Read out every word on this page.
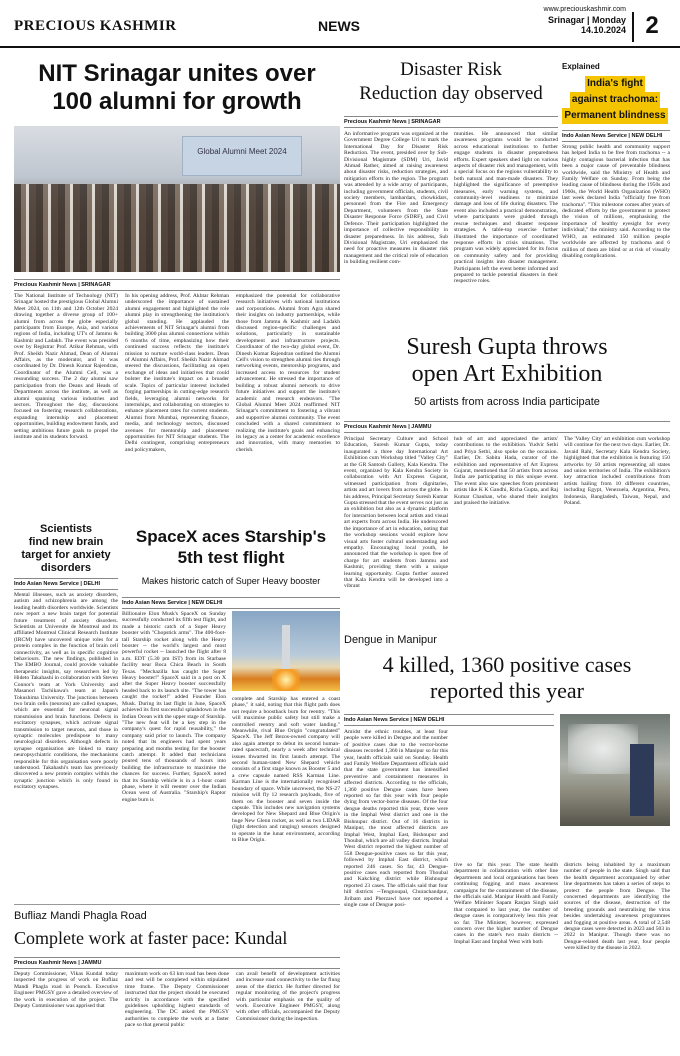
PRECIOUS KASHMIR	NEWS
www.preciouskashmir.com
Srinagar | Monday
14.10.2024 2
NIT Srinagar unites over
100 alumni for growth
Global Alumni Meet 2024
Precious Kashmir News | SRINAGAR
The National Institute of Technology (NIT) Srinagar hosted the prestigious Global Alumni Meet 2024, on 11th and 12th October 2024 drawing together a diverse group of 100+ alumni from across the globe especially participants from Europe, Asia, and various regions of India, including UT's of Jammu & Kashmir and Ladakh. The event was presided over by Registrar Prof. Atikur Rehman, with Prof. Sheikh Nazir Ahmad, Dean of Alumni Affairs, as the moderator, and it was coordinated by Dr. Dinesh Kumar Rajendran, Coordinator of the Alumni Cell, was a resounding success. The 2 day alumni saw participation from the Deans and Heads of Departments across the institute, as well as alumni spanning various industries and sectors. Throughout the day, discussions focused on fostering research collaborations, expanding internship and placement opportunities, building endowment funds, and setting ambitious future goals to propel the institute and its students forward.
In his opening address, Prof. Akhtar Rehman underscored the importance of sustained alumni engagement and highlighted the role alumni play in strengthening the institution's global standing. He applauded the achievements of NIT Srinagar's alumni from building 3000 plus alumni connections within 6 months of time, emphasizing how their continued success reflects the institute's mission to nurture world-class leaders. Dean of Alumni Affairs, Prof. Sheikh Nazir Ahmad steered the discussions, facilitating an open exchange of ideas and initiatives that could bolster the institute's impact on a broader scale. Topics of particular interest included forging partnerships in cutting-edge research fields, leveraging alumni networks for internships, and collaborating on strategies to enhance placement rates for current students. Alumni from Mumbai, representing finance, media, and technology sectors, discussed avenues for mentorship and placement opportunities for NIT Srinagar students. The Delhi contingent, comprising entrepreneurs and policymakers,
emphasized the potential for collaborative research initiatives with national institutions and corporations. Alumni from Agra shared their insights on industry partnerships, while those from Jammu & Kashmir and Ladakh discussed region-specific challenges and solutions, particularly in sustainable development and infrastructure projects. Coordinator of the two-day global event, Dr. Dinesh Kumar Rajendran outlined the Alumni Cell's vision to strengthen alumni ties through networking events, mentorship programs, and increased access to resources for student advancement. He stressed the importance of building a robust alumni network to drive future initiatives and support the institute's academic and research endeavors. "The Global Alumni Meet 2024 reaffirmed NIT Srinagar's commitment to fostering a vibrant and supportive alumni community. The event concluded with a shared commitment to realizing the institute's goals and enhancing its legacy as a center for academic excellence and innovation, with many memories to cherish.
Disaster Risk
Reduction day observed
Precious Kashmir News | SRINAGAR
An informative program was organized at the Government Degree College Uri to mark the International Day for Disaster Risk Reduction. The event, presided over by Sub-Divisional Magistrate (SDM) Uri, Javid Ahmad Rather, aimed at raising awareness about disaster risks, reduction strategies, and mitigation efforts in the region. The program was attended by a wide array of participants, including government officials, students, civil society members, lambardars, chowkidars, personnel from the Fire and Emergency Department, volunteers from the State Disaster Response Force (SDRF), and Civil Defence. Their participation highlighted the importance of collective responsibility in disaster preparedness. In his address, Sub Divisional Magistrate, Uri emphasized the need for proactive measures in disaster risk management and the critical role of education in building resilient com-
munities. He announced that similar awareness programs would be conducted across educational institutions to further engage students in disaster preparedness efforts. Expert speakers shed light on various aspects of disaster risk and management, with a special focus on the regions vulnerability to both natural and man-made disasters. They highlighted the significance of preemptive measures, early warning systems, and community-level readiness to minimize damage and loss of life during disasters. The event also included a practical demonstration, where participants were guided through rescue techniques and disaster response strategies. A table-top exercise further illustrated the importance of coordinated response efforts in crisis situations. The program was widely appreciated for its focus on community safety and for providing practical insights into disaster management. Participants left the event better informed and prepared to tackle potential disasters in their respective roles.
Explained
India's fight against trachoma: Permanent blindness
Indo Asian News Service | NEW DELHI
Strong public health and community support has helped India to be free from trachoma -- a highly contagious bacterial infection that has been a major cause of preventable blindness worldwide, said the Ministry of Health and Family Welfare on Sunday. From being the leading cause of blindness during the 1950s and 1960s, the World Health Organization (WHO) last week declared India "officially free from trachoma". "This milestone comes after years of dedicated efforts by the government to protect the vision of millions, emphasising the importance of healthy eyesight for every individual," the ministry said. According to the WHO, an estimated 150 million people worldwide are affected by trachoma and 6 million of them are blind or at risk of visually disabling complications.
Suresh Gupta throws
open Art Exhibition
50 artists from across India participate
Precious Kashmir News | JAMMU
Principal Secretary Culture and School Education, Suresh Kumar Gupta, today inaugurated a three day International Art Exhibition cum Workshop titled "Valley City" at the GR Santosh Gallery, Kala Kendra. The event, organized by Kala Kendra Society in collaboration with Art Express Gujarat, witnessed participation from dignitaries, artists and art lovers from across the globe. In his address, Principal Secretary Suresh Kumar Gupta stressed that the event serves not just as an exhibition but also as a dynamic platform for interaction between local artists and visual art experts from across India. He underscored the importance of art in education, noting that the workshop sessions would explore how visual arts foster cultural understanding and empathy. Encouraging local youth, he announced that the workshop is open free of charge for art students from Jammu and Kashmir, providing them with a unique learning opportunity. Gupta further assured that Kala Kendra will be developed into a vibrant
hub of art and appreciated the artists' contributions to the exhibition. Yudvir Sethi and Priya Sethi, also spoke on the occasion. Earlier, Dr. Sabita Hada, curator of the exhibition and representative of Art Express Gujarat, mentioned that 50 artists from across India are participating in this unique event. The event also saw speeches from prominent artists like K K Gandhi, Richa Gupta, and Raj Kumar Chauhan, who shared their insights and praised the initiative.
The 'Valley City' art exhibition cum workshop will continue for the next two days. Earlier, Dr. Javaid Rahi, Secretary Kala Kendra Society, highlighted that the exhibition is featuring 150 artworks by 50 artists representing all states and union territories of India. The exhibition's key attraction included contributions from artists hailing from 10 different countries, including Egypt, Venezuela, Argentina, Peru, Indonesia, Bangladesh, Taiwan, Nepal, and Poland.
Scientists
find new brain
target for anxiety
disorders
Indo Asian News Service | DELHI
Mental illnesses, such as anxiety disorders, autism and schizophrenia are among the leading health disorders worldwide. Scientists now report a new brain target for potential future treatment of anxiety disorders. Scientists at Universite de Montreal and its affiliated Montreal Clinical Research Institute (IRCM) have uncovered unique roles for a protein complex in the function of brain cell connectivity, as well as in specific cognitive behaviours. The new findings, published in The EMBO Journal, could provide valuable therapeutic insights, say researchers led by Hideto Takahashi in collaboration with Steven Connor's team at York University and Masanori Tachikawa's team at Japan's Tokushima University. The junctions between two brain cells (neurons) are called synapses, which are essential for neuronal signal transmission and brain functions. Defects in excitatory synapses, which activate signal transmission to target neurons, and those in synaptic molecules predispose to many neurological disorders. Although defects in synapse organisation are linked to many neuropsychiatric conditions, the mechanisms responsible for this organisation were poorly understood. Takahashi's team has previously discovered a new protein complex within the synaptic junction which is only found in excitatory synapses.
SpaceX aces Starship's
5th test flight
Makes historic catch of Super Heavy booster
Indo Asian News Service | NEW DELHI
Billionaire Elon Musk's SpaceX on Sunday successfully conducted its fifth test flight, and made a historic catch of a Super Heavy booster with "Chopstick arms". The 400-foot-tall Starship rocket along with the Heavy booster -- the world's largest and most powerful rocket -- launched the flight after 8 a.m. EDT (5.30 pm IST) from its Starbase facility near Boca Chica Beach in South Texas. "Mechazilla has caught the Super Heavy booster!" SpaceX said in a post on X after the Super Heavy booster successfully headed back to its launch site. "The tower has caught the rocket!" added Founder Elon Musk. During its last flight in June, SpaceX achieved its first successful splashdown in the Indian Ocean with the upper stage of Starship. "The new feat will be a key step in the company's quest for rapid reusability," the company said prior to launch. The company noted that its engineers had spent years preparing and months testing for the booster catch attempt. It added that technicians poured tens of thousands of hours into building the infrastructure to maximise the chances for success. Further, SpaceX noted that its Starship vehicle is in a 1-hour coast phase, where it will reenter over the Indian Ocean west of Australia. "Starship's Raptor engine burn is
complete and Starship has entered a coast phase," it said, noting that this flight path does not require a boostback burn for reentry. "This will maximise public safety but still make a controlled reentry and soft water landing." Meanwhile, rival Blue Origin "congratulated" SpaceX. The Jeff Bezos-owned company will also again attempt to debut its second human-rated spacecraft, nearly a week after technical issues thwarted its first launch attempt. The second human-rated New Shepard vehicle consists of a first stage known as Booster 5 and a crew capsule named RSS Karman Line. Karman Line is the internationally recognised boundary of space. While uncrewed, the NS-27 mission will fly 12 research payloads, five of them on the booster and seven inside the capsule. This includes new navigation systems developed for New Shepard and Blue Origin's huge New Glenn rocket, as well as two LIDAR (light detection and ranging) sensors designed to operate in the lunar environment, according to Blue Origin.
Dengue in Manipur
4 killed, 1360 positive cases
reported this year
Indo Asian News Service | NEW DELHI
Amidst the ethnic troubles, at least four people were killed in Dengue and the number of positive cases due to the vector-borne diseases recorded 1,360 in Manipur so far this year, health officials said on Sunday. Health and Family Welfare Department officials said that the state government has intensified preventive and containment measures in affected districts. According to the officials, 1,360 positive Dengue cases have been reported so far this year with four people dying from vector-borne diseases. Of the four dengue deaths reported this year, three were in the Imphal West district and one in the Bishnupur district. Out of 16 districts in Manipur, the most affected districts are Imphal West, Imphal East, Bishnupur and Thoubal, which are all valley districts. Imphal West district reported the highest number of 558 Dengue-positive cases so far this year, followed by Imphal East district, which reported 246 cases. So far, 43 Dengue-positive cases each reported from Thoubal and Kakching district while Bishnupur reported 23 cases. The officials said that four hill districts --Tengnoupal, Churachandpur, Jiribam and Pherzawl have not reported a single case of Dengue posi-
tive so far this year. The state health department in collaboration with other line departments and local organisations has been continuing fogging and mass awareness campaigns for the containment of the disease, the officials said. Manipur Health and Family Welfare Minister Sapam Ranjan Singh said that compared to last year, the number of dengue cases is comparatively less this year so far. The Minister, however, expressed concern over the higher number of Dengue cases in the state's two main districts -- Imphal East and Imphal West with both
districts being inhabited by a maximum number of people in the state. Singh said that the health department accompanied by other line departments has taken a series of steps to protect the people from Dengue. The concerned departments are identifying the sources of the disease, destruction of the breeding grounds and neutralising the virus besides undertaking awareness programmes and fogging at positive areas. A total of 2,548 dengue cases were detected in 2023 and 503 in 2022 in Manipur. Though there was no Dengue-related death last year, four people were killed by the disease in 2022.
Bufliaz Mandi Phagla Road
Complete work at faster pace: Kundal
Precious Kashmir News | JAMMU
Deputy Commissioner, Vikas Kundal today inspected the progress of work on Bufliaz Mandi Phagla road in Poonch. Executive Engineer PMGSY gave a detailed overview of the work in execution of the project. The Deputy Commissioner was apprised that
maximum work on 63 km road has been done and rest will be completed within stipulated time frame. The Deputy Commissioner instructed that the project should be executed strictly in accordance with the specified guidelines upholding highest standards of engineering. The DC asked the PMGSY authorities to complete the work at a faster pace so that general public
can avail benefit of development activities and increase road connectivity to the far flung areas of the district. He further directed for regular monitoring of the project's progress with particular emphasis on the quality of work. Executive Engineer PMGSY, along with other officials, accompanied the Deputy Commissioner during the inspection.
